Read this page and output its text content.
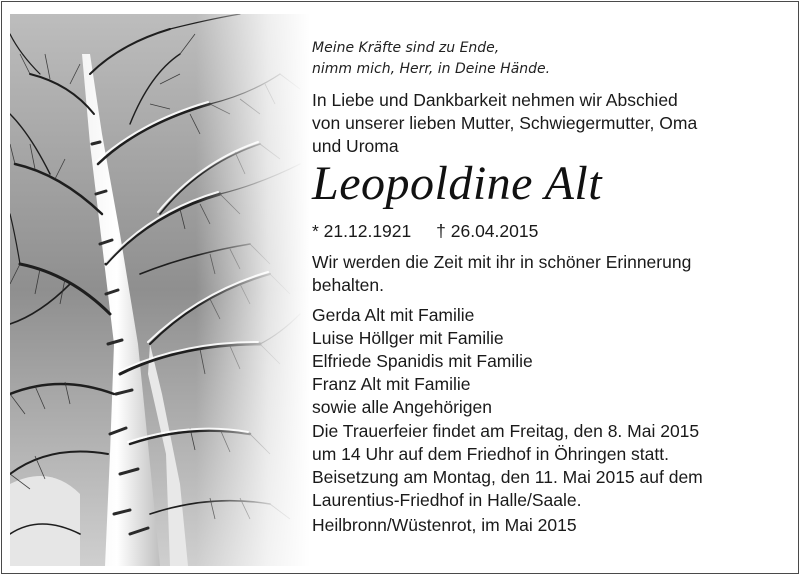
Meine Kräfte sind zu Ende,
nimm mich, Herr, in Deine Hände.
In Liebe und Dankbarkeit nehmen wir Abschied
von unserer lieben Mutter, Schwiegermutter, Oma
und Uroma
Leopoldine Alt
* 21.12.1921 † 26.04.2015
Wir werden die Zeit mit ihr in schöner Erinnerung
behalten.
Gerda Alt mit Familie
Luise Höllger mit Familie
Elfriede Spanidis mit Familie
Franz Alt mit Familie
sowie alle Angehörigen
Die Trauerfeier findet am Freitag, den 8. Mai 2015
um 14 Uhr auf dem Friedhof in Öhringen statt.
Beisetzung am Montag, den 11. Mai 2015 auf dem
Laurentius-Friedhof in Halle/Saale.
Heilbronn/Wüstenrot, im Mai 2015
